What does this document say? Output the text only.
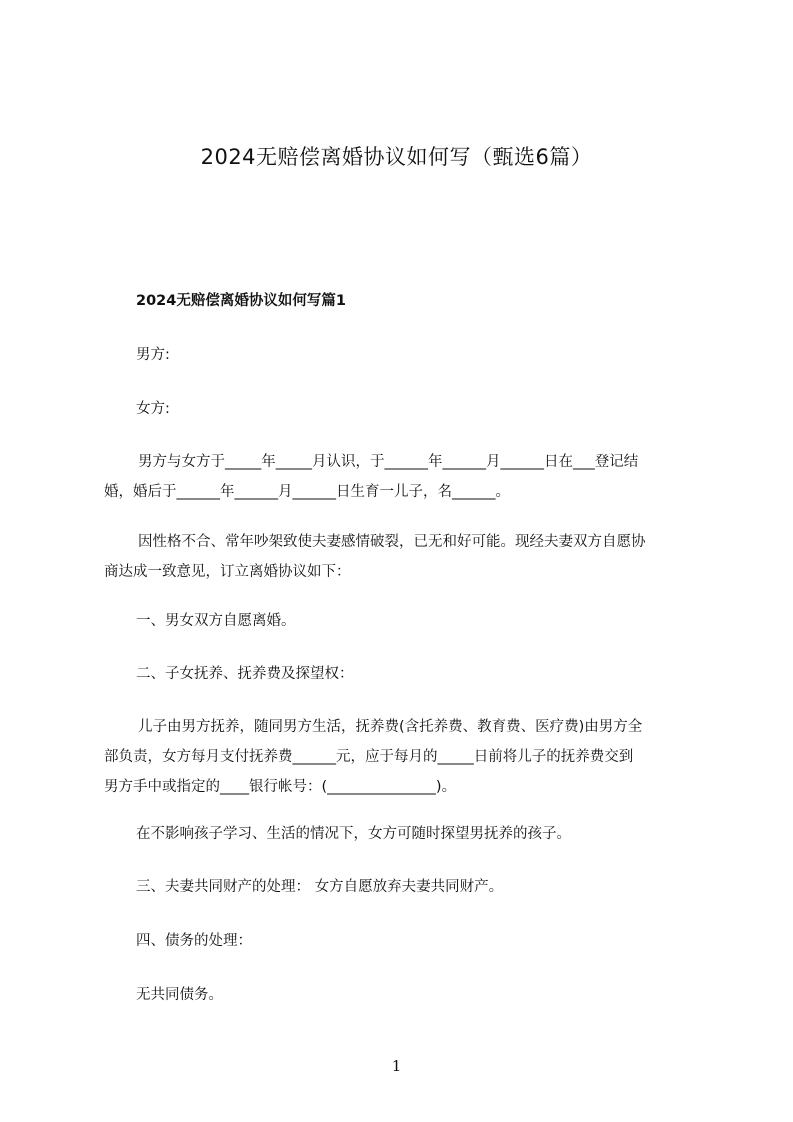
2024无赔偿离婚协议如何写（甄选6篇）
2024无赔偿离婚协议如何写篇1

男方:

女方:

男方与女方于_____年_____月认识，于______年______月______日在___登记结
婚，婚后于______年______月______日生育一儿子，名______。
因性格不合、常年吵架致使夫妻感情破裂，已无和好可能。现经夫妻双方自愿协
商达成一致意见，订立离婚协议如下：

一、男女双方自愿离婚。

二、子女抚养、抚养费及探望权：

儿子由男方抚养，随同男方生活，抚养费(含托养费、教育费、医疗费)由男方全
部负责，女方每月支付抚养费______元，应于每月的_____日前将儿子的抚养费交到
男方手中或指定的____银行帐号：(_______________)。

在不影响孩子学习、生活的情况下，女方可随时探望男抚养的孩子。

三、夫妻共同财产的处理： 女方自愿放弃夫妻共同财产。

四、债务的处理：

无共同债务。

1
